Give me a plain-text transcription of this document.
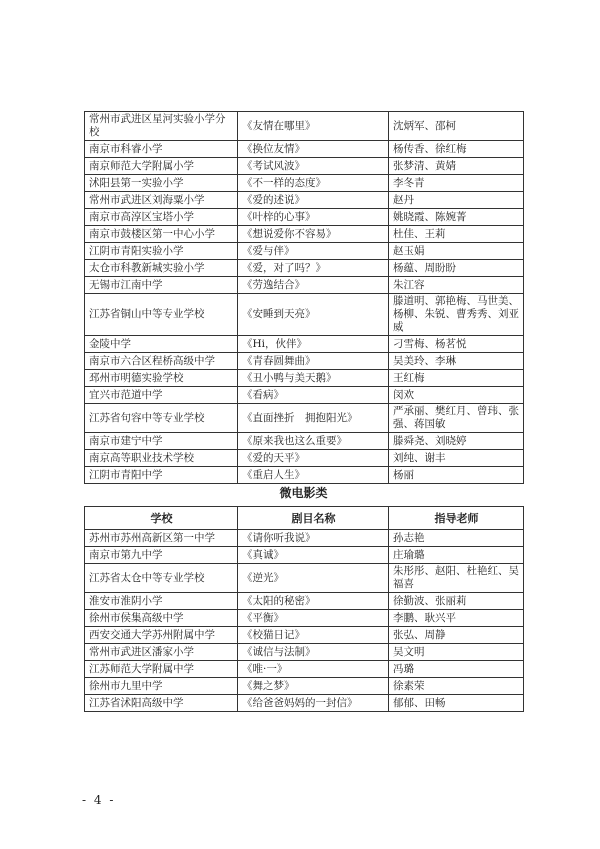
常州市武进区星河实验小学分校	《友情在哪里》	沈炳军、邵柯
南京市科睿小学	《换位友情》	杨传香、徐红梅
南京师范大学附属小学	《考试风波》	张梦清、黄婧
沭阳县第一实验小学	《不一样的态度》	李冬青
常州市武进区刘海粟小学	《爱的述说》	赵丹
南京市高淳区宝塔小学	《叶梓的心事》	姚晓霞、陈婉菁
南京市鼓楼区第一中心小学	《想说爱你不容易》	杜佳、王莉
江阴市青阳实验小学	《爱与伴》	赵玉娟
太仓市科教新城实验小学	《爱，对了吗？》	杨蕴、周盼盼
无锡市江南中学	《劳逸结合》	朱江容
江苏省铜山中等专业学校	《安睡到天亮》	滕道明、郭艳梅、马世美、杨柳、朱锐、曹秀秀、刘亚威
金陵中学	《Hi，伙伴》	刁雪梅、杨茗悦
南京市六合区程桥高级中学	《青春圆舞曲》	吴美玲、李琳
邳州市明德实验学校	《丑小鸭与美天鹅》	王红梅
宜兴市范道中学	《看病》	闵欢
江苏省句容中等专业学校	《直面挫折　拥抱阳光》	严承丽、樊红月、曾玮、张强、蒋国敏
南京市建宁中学	《原来我也这么重要》	滕舜尧、刘晓婷
南京高等职业技术学校	《爱的天平》	刘纯、谢丰
江阴市青阳中学	《重启人生》	杨丽
微电影类
学校	剧目名称	指导老师
苏州市苏州高新区第一中学	《请你听我说》	孙志艳
南京市第九中学	《真诚》	庄瑜璐
江苏省太仓中等专业学校	《逆光》	朱彤彤、赵阳、杜艳红、吴福喜
淮安市淮阴小学	《太阳的秘密》	徐勤波、张丽莉
徐州市侯集高级中学	《平衡》	李鹏、耿兴平
西安交通大学苏州附属中学	《校猫日记》	张弘、周静
常州市武进区潘家小学	《诚信与法制》	吴文明
江苏师范大学附属中学	《唯·一》	冯璐
徐州市九里中学	《舞之梦》	徐素荣
江苏省沭阳高级中学	《给爸爸妈妈的一封信》	郁郁、田畅
- 4 -
